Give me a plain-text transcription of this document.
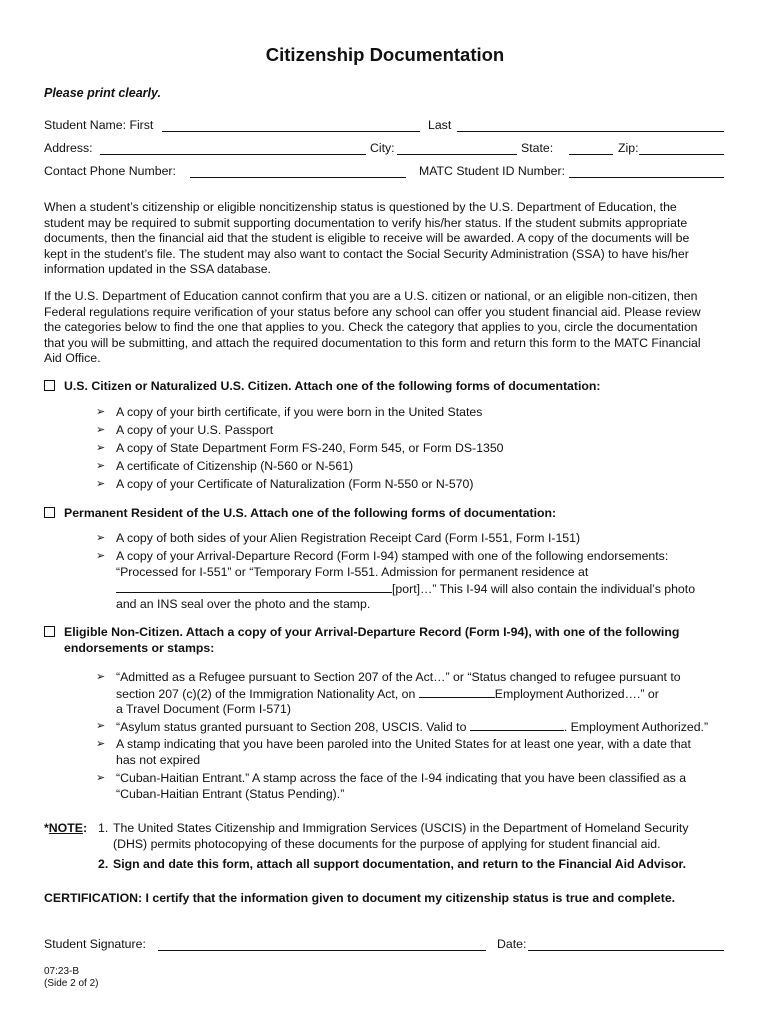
Citizenship Documentation
Please print clearly.
Student Name: First	Last
Address:	City:	State:	Zip:
Contact Phone Number:	MATC Student ID Number:
When a student’s citizenship or eligible noncitizenship status is questioned by the U.S. Department of Education, the
student may be required to submit supporting documentation to verify his/her status. If the student submits appropriate
documents, then the financial aid that the student is eligible to receive will be awarded. A copy of the documents will be
kept in the student’s file. The student may also want to contact the Social Security Administration (SSA) to have his/her
information updated in the SSA database.
If the U.S. Department of Education cannot confirm that you are a U.S. citizen or national, or an eligible non-citizen, then
Federal regulations require verification of your status before any school can offer you student financial aid. Please review
the categories below to find the one that applies to you. Check the category that applies to you, circle the documentation
that you will be submitting, and attach the required documentation to this form and return this form to the MATC Financial
Aid Office.
U.S. Citizen or Naturalized U.S. Citizen. Attach one of the following forms of documentation:
➢ A copy of your birth certificate, if you were born in the United States
➢ A copy of your U.S. Passport
➢ A copy of State Department Form FS-240, Form 545, or Form DS-1350
➢ A certificate of Citizenship (N-560 or N-561)
➢ A copy of your Certificate of Naturalization (Form N-550 or N-570)
Permanent Resident of the U.S. Attach one of the following forms of documentation:
➢ A copy of both sides of your Alien Registration Receipt Card (Form I-551, Form I-151)
➢ A copy of your Arrival-Departure Record (Form I-94) stamped with one of the following endorsements:
“Processed for I-551” or “Temporary Form I-551. Admission for permanent residence at
[port]…” This I-94 will also contain the individual’s photo
and an INS seal over the photo and the stamp.
Eligible Non-Citizen. Attach a copy of your Arrival-Departure Record (Form I-94), with one of the following
endorsements or stamps:
➢ “Admitted as a Refugee pursuant to Section 207 of the Act…” or “Status changed to refugee pursuant to
section 207 (c)(2) of the Immigration Nationality Act, on	Employment Authorized….” or
a Travel Document (Form I-571)
➢ “Asylum status granted pursuant to Section 208, USCIS. Valid to	. Employment Authorized.”
➢ A stamp indicating that you have been paroled into the United States for at least one year, with a date that
has not expired
➢ “Cuban-Haitian Entrant.” A stamp across the face of the I-94 indicating that you have been classified as a
“Cuban-Haitian Entrant (Status Pending).”
*NOTE: 1. The United States Citizenship and Immigration Services (USCIS) in the Department of Homeland Security
(DHS) permits photocopying of these documents for the purpose of applying for student financial aid.
2. Sign and date this form, attach all support documentation, and return to the Financial Aid Advisor.
CERTIFICATION: I certify that the information given to document my citizenship status is true and complete.
Student Signature:	Date:
07:23-B
(Side 2 of 2)
